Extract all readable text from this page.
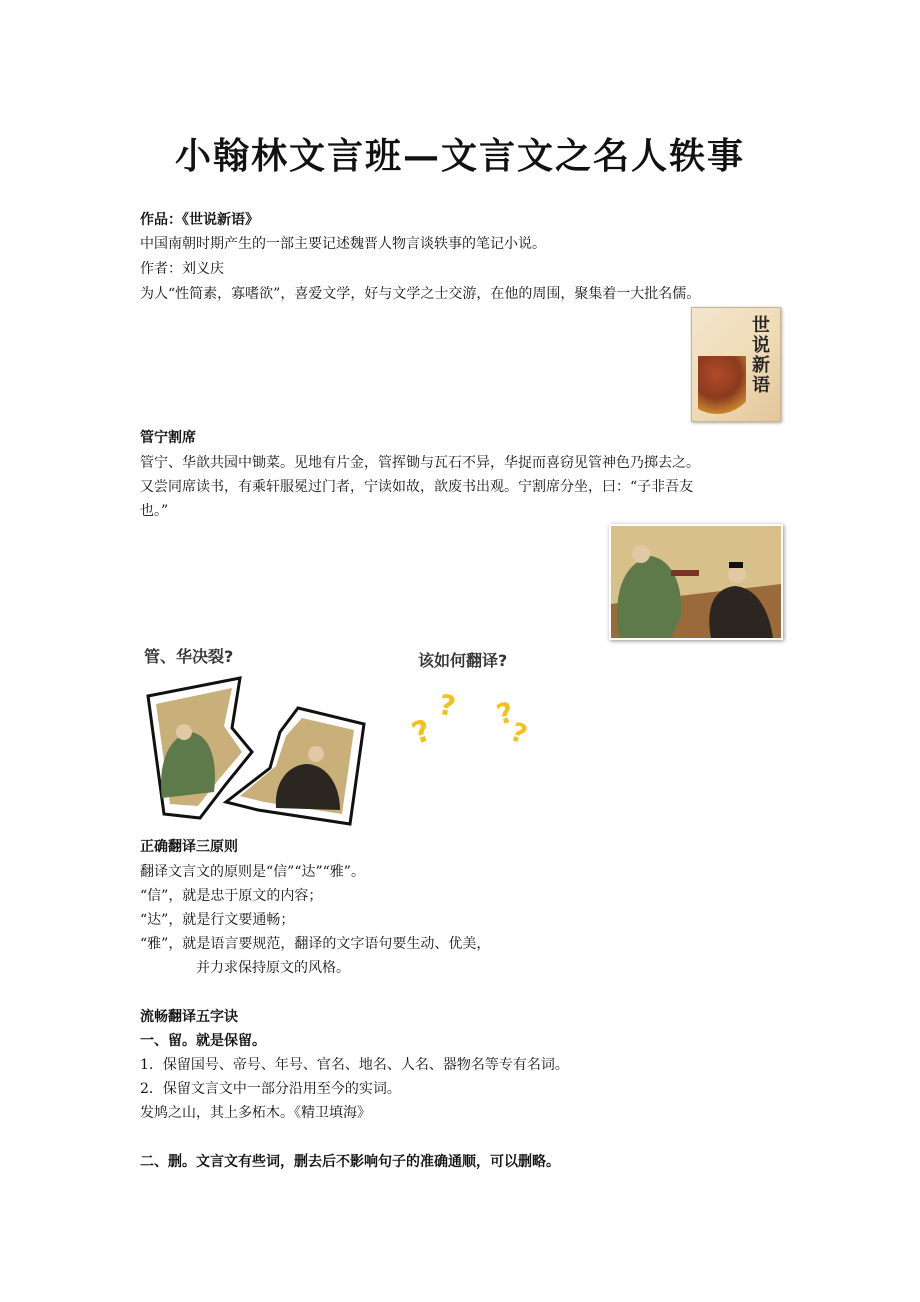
小翰林文言班—文言文之名人轶事
作品：《世说新语》
中国南朝时期产生的一部主要记述魏晋人物言谈轶事的笔记小说。
作者：刘义庆
为人“性简素，寡嗜欲”，喜爱文学，好与文学之士交游，在他的周围，聚集着一大批名儒。
世说新语
管宁割席
管宁、华歆共园中锄菜。见地有片金，管挥锄与瓦石不异，华捉而喜窃见管神色乃掷去之。
又尝同席读书，有乘轩服冕过门者，宁读如故，歆废书出观。宁割席分坐，曰：“子非吾友
也。”
管、华决裂?	该如何翻译?
?
? ?
?
正确翻译三原则
翻译文言文的原则是“信”“达”“雅”。
“信”，就是忠于原文的内容；
“达”，就是行文要通畅；
“雅”，就是语言要规范，翻译的文字语句要生动、优美，
并力求保持原文的风格。
流畅翻译五字诀
一、留。就是保留。
1．保留国号、帝号、年号、官名、地名、人名、器物名等专有名词。
2．保留文言文中一部分沿用至今的实词。
发鸠之山，其上多柘木。《精卫填海》
二、删。文言文有些词，删去后不影响句子的准确通顺，可以删略。
